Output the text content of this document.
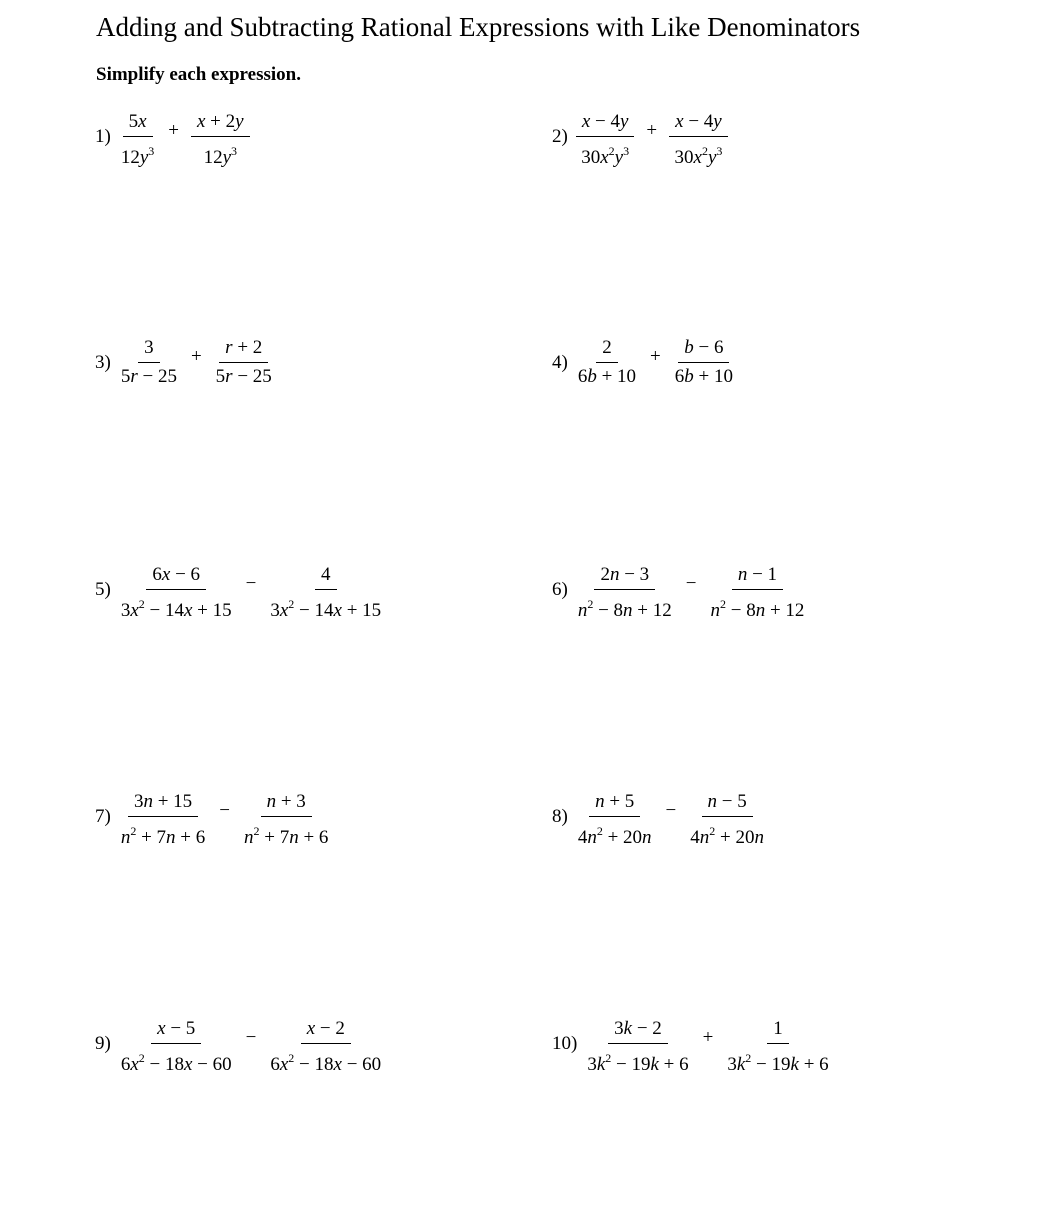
Adding and Subtracting Rational Expressions with Like Denominators
Simplify each expression.
$1) \frac{5x}{12y^3} + \frac{x + 2y}{12y^3}$	$2) \frac{x - 4y}{30x^2y^3} + \frac{x - 4y}{30x^2y^3}$
$3) \frac{3}{5r - 25} + \frac{r + 2}{5r - 25}$	$4) \frac{2}{6b + 10} + \frac{b - 6}{6b + 10}$
$5) \frac{6x - 6}{3x^2 - 14x + 15} - \frac{4}{3x^2 - 14x + 15}$	$6) \frac{2n - 3}{n^2 - 8n + 12} - \frac{n - 1}{n^2 - 8n + 12}$
$7) \frac{3n + 15}{n^2 + 7n + 6} - \frac{n + 3}{n^2 + 7n + 6}$	$8) \frac{n + 5}{4n^2 + 20n} - \frac{n - 5}{4n^2 + 20n}$
$9) \frac{x - 5}{6x^2 - 18x - 60} - \frac{x - 2}{6x^2 - 18x - 60}$	$10) \frac{3k - 2}{3k^2 - 19k + 6} + \frac{1}{3k^2 - 19k + 6}$
